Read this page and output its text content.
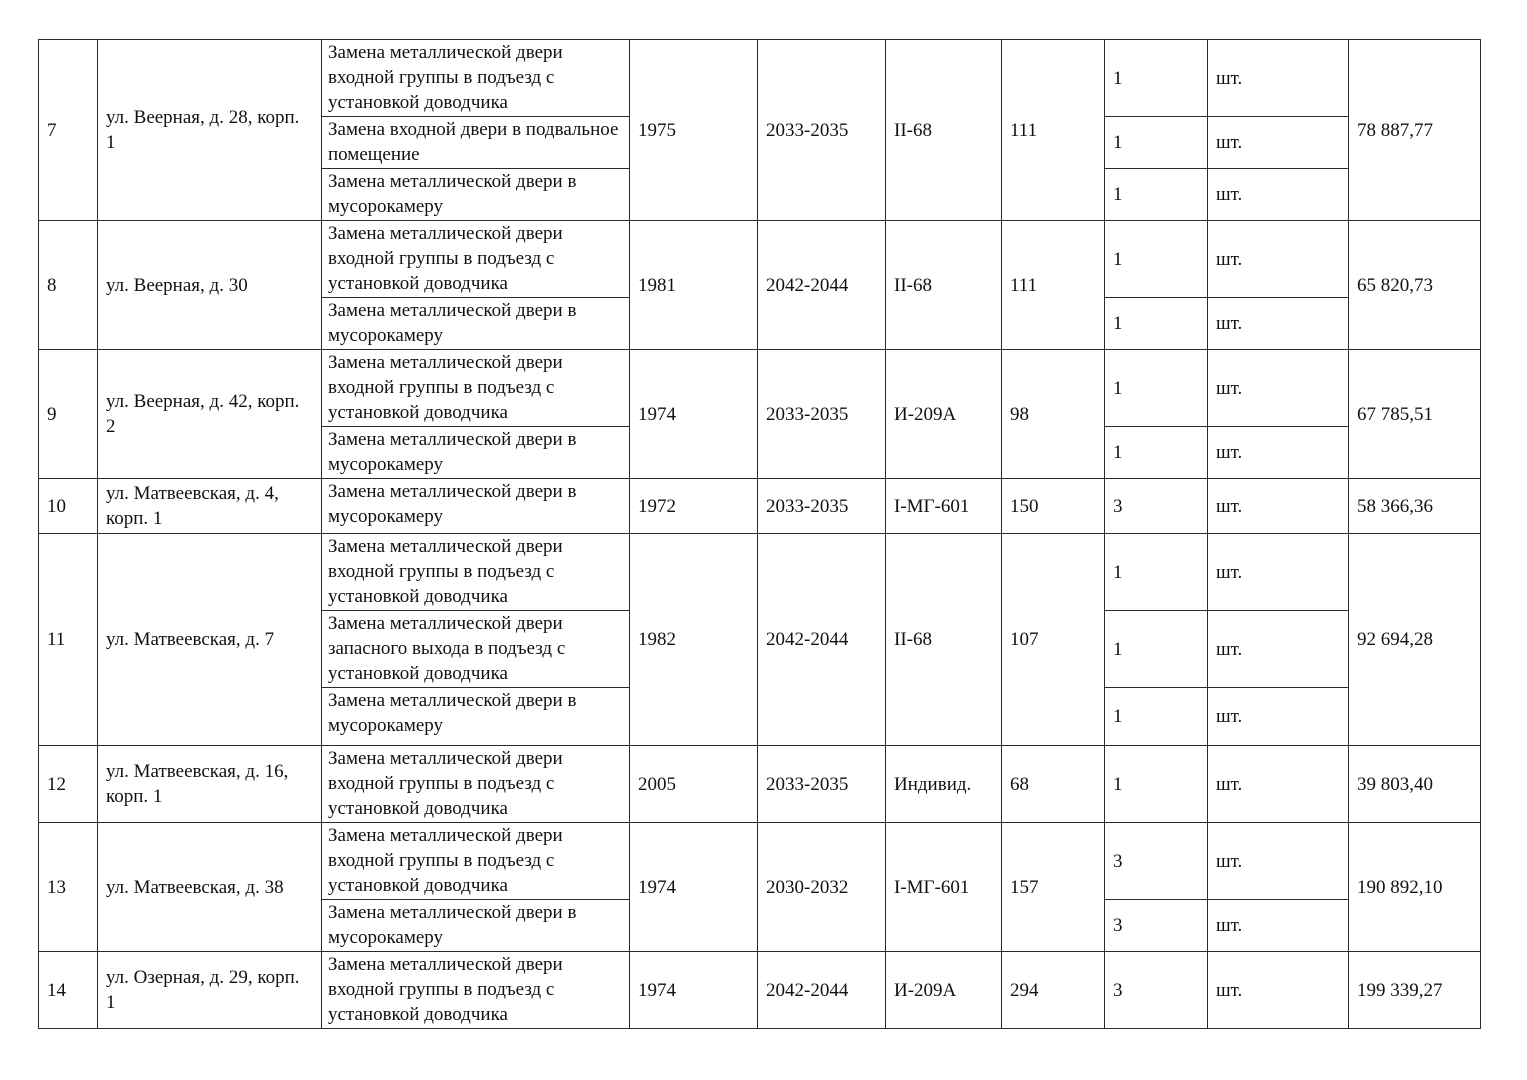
7	ул. Веерная, д. 28, корп. 1	Замена металлической двери входной группы в подъезд с установкой доводчика	1975	2033-2035	II-68	111	1	шт.	78 887,77

		Замена входной двери в подвальное помещение					1	шт.	

		Замена металлической двери в мусорокамеру					1	шт.	

8	ул. Веерная, д. 30	Замена металлической двери входной группы в подъезд с установкой доводчика	1981	2042-2044	II-68	111	1	шт.	65 820,73

		Замена металлической двери в мусорокамеру					1	шт.	

9	ул. Веерная, д. 42, корп. 2	Замена металлической двери входной группы в подъезд с установкой доводчика	1974	2033-2035	И-209А	98	1	шт.	67 785,51

		Замена металлической двери в мусорокамеру					1	шт.	

10	ул. Матвеевская, д. 4, корп. 1	Замена металлической двери в мусорокамеру	1972	2033-2035	I-МГ-601	150	3	шт.	58 366,36

11	ул. Матвеевская, д. 7	Замена металлической двери входной группы в подъезд с установкой доводчика	1982	2042-2044	II-68	107	1	шт.	92 694,28

		Замена металлической двери запасного выхода в подъезд с установкой доводчика					1	шт.	

		Замена металлической двери в мусорокамеру					1	шт.	

12	ул. Матвеевская, д. 16, корп. 1	Замена металлической двери входной группы в подъезд с установкой доводчика	2005	2033-2035	Индивид.	68	1	шт.	39 803,40

13	ул. Матвеевская, д. 38	Замена металлической двери входной группы в подъезд с установкой доводчика	1974	2030-2032	I-МГ-601	157	3	шт.	190 892,10

		Замена металлической двери в мусорокамеру					3	шт.	

14	ул. Озерная, д. 29, корп. 1	Замена металлической двери входной группы в подъезд с установкой доводчика	1974	2042-2044	И-209А	294	3	шт.	199 339,27
